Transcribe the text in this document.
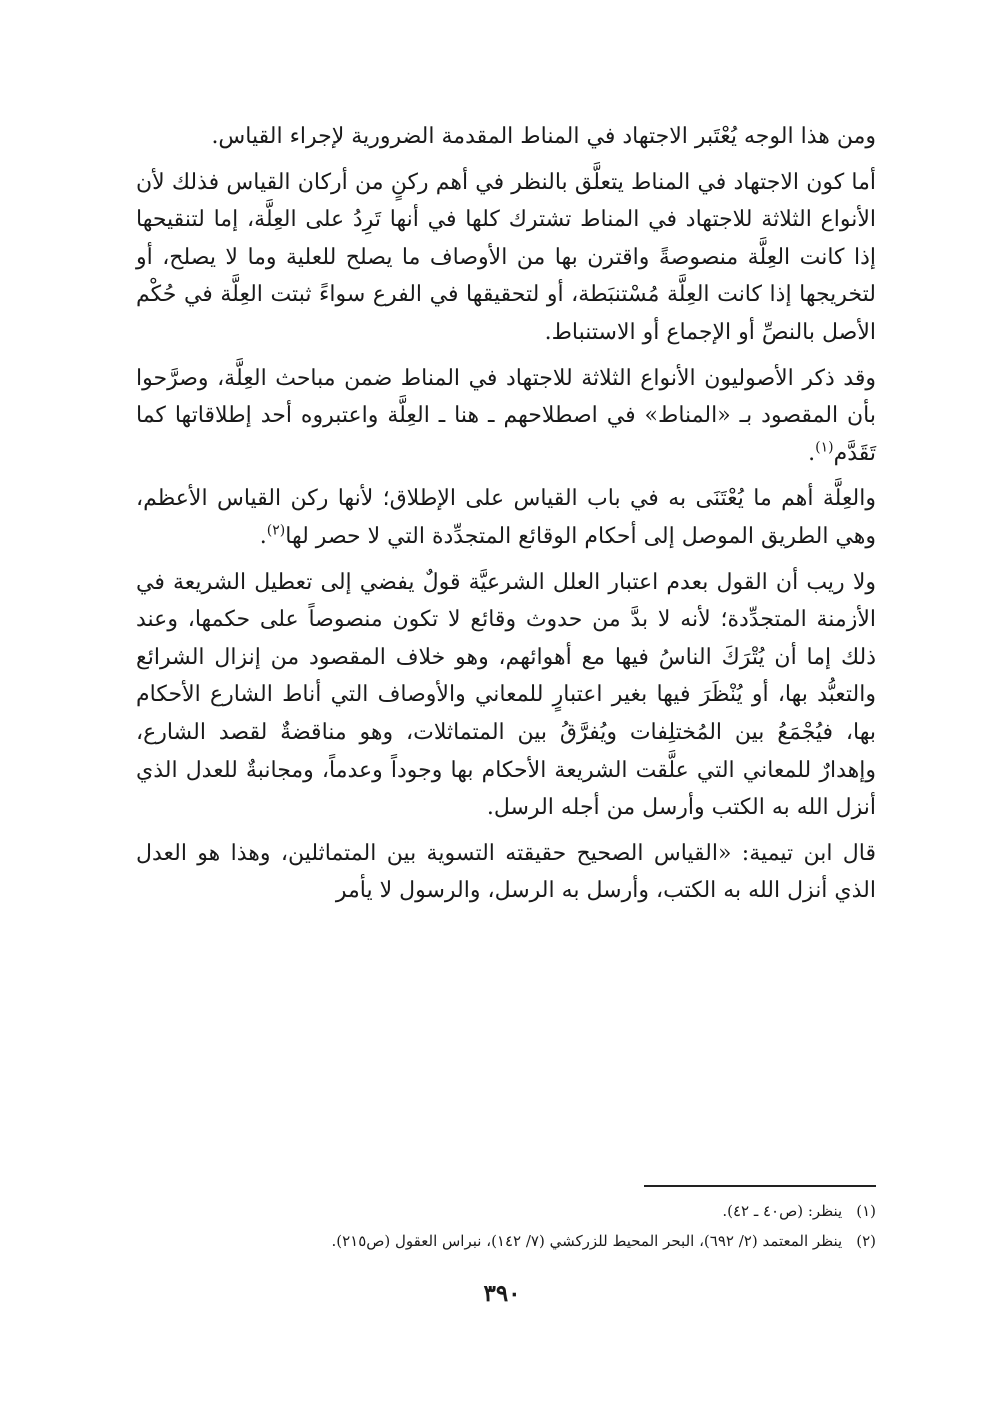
ومن هذا الوجه يُعْتَبر الاجتهاد في المناط المقدمة الضرورية لإجراء القياس.

أما كون الاجتهاد في المناط يتعلَّق بالنظر في أهم ركنٍ من أركان القياس فذلك لأن الأنواع الثلاثة للاجتهاد في المناط تشترك كلها في أنها تَرِدُ على العِلَّة، إما لتنقيحها إذا كانت العِلَّة منصوصةً واقترن بها من الأوصاف ما يصلح للعلية وما لا يصلح، أو لتخريجها إذا كانت العِلَّة مُسْتنبَطة، أو لتحقيقها في الفرع سواءً ثبتت العِلَّة في حُكْم الأصل بالنصِّ أو الإجماع أو الاستنباط.

وقد ذكر الأصوليون الأنواع الثلاثة للاجتهاد في المناط ضمن مباحث العِلَّة، وصرَّحوا بأن المقصود بـ «المناط» في اصطلاحهم ـ هنا ـ العِلَّة واعتبروه أحد إطلاقاتها كما تَقَدَّم$^{(١)}$.

والعِلَّة أهم ما يُعْتَنَى به في باب القياس على الإطلاق؛ لأنها ركن القياس الأعظم، وهي الطريق الموصل إلى أحكام الوقائع المتجدِّدة التي لا حصر لها$^{(٢)}$.

ولا ريب أن القول بعدم اعتبار العلل الشرعيَّة قولٌ يفضي إلى تعطيل الشريعة في الأزمنة المتجدِّدة؛ لأنه لا بدَّ من حدوث وقائع لا تكون منصوصاً على حكمها، وعند ذلك إما أن يُتْرَكَ الناسُ فيها مع أهوائهم، وهو خلاف المقصود من إنزال الشرائع والتعبُّد بها، أو يُنْظَرَ فيها بغير اعتبارٍ للمعاني والأوصاف التي أناط الشارع الأحكام بها، فيُجْمَعُ بين المُختلِفات ويُفرَّقُ بين المتماثلات، وهو مناقضةٌ لقصد الشارع، وإهدارٌ للمعاني التي علَّقت الشريعة الأحكام بها وجوداً وعدماً، ومجانبةٌ للعدل الذي أنزل الله به الكتب وأرسل من أجله الرسل.

قال ابن تيمية: «القياس الصحيح حقيقته التسوية بين المتماثلين، وهذا هو العدل الذي أنزل الله به الكتب، وأرسل به الرسل، والرسول لا يأمر

(١)
ينظر: (ص٤٠ ـ ٤٢).
(٢)
ينظر المعتمد (٢/ ٦٩٢)، البحر المحيط للزركشي (٧/ ١٤٢)، نبراس العقول (ص٢١٥).
٣٩٠
